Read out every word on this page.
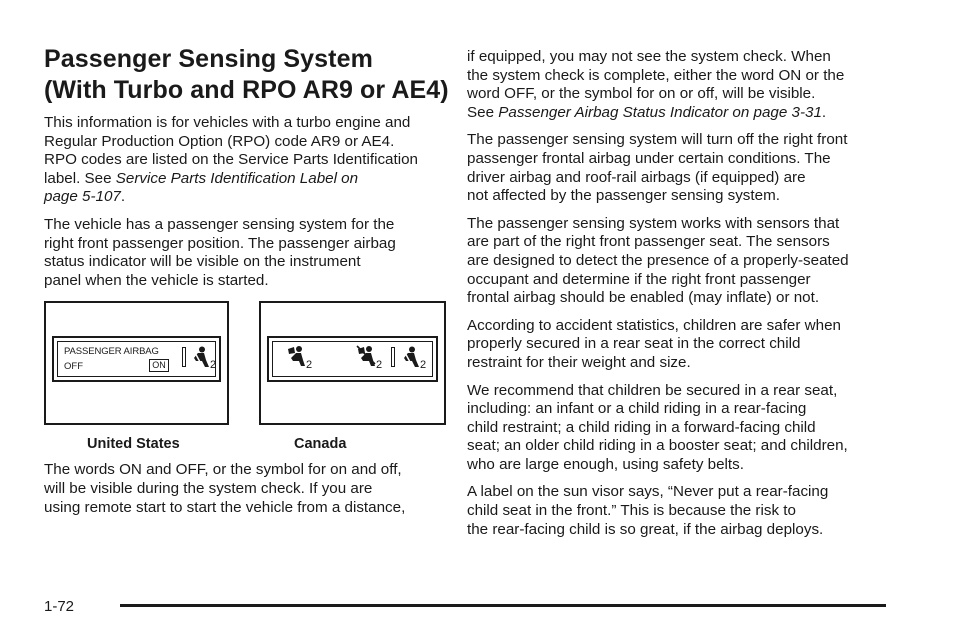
Passenger Sensing System
(With Turbo and RPO AR9 or AE4)

This information is for vehicles with a turbo engine and
Regular Production Option (RPO) code AR9 or AE4.
RPO codes are listed on the Service Parts Identification
label. See Service Parts Identification Label on
page 5-107.

The vehicle has a passenger sensing system for the
right front passenger position. The passenger airbag
status indicator will be visible on the instrument
panel when the vehicle is started.

PASSENGER AIRBAG
OFF	ON	2	2	2	2
United States	Canada

The words ON and OFF, or the symbol for on and off,
will be visible during the system check. If you are
using remote start to start the vehicle from a distance,

if equipped, you may not see the system check. When
the system check is complete, either the word ON or the
word OFF, or the symbol for on or off, will be visible.
See Passenger Airbag Status Indicator on page 3-31.

The passenger sensing system will turn off the right front
passenger frontal airbag under certain conditions. The
driver airbag and roof-rail airbags (if equipped) are
not affected by the passenger sensing system.

The passenger sensing system works with sensors that
are part of the right front passenger seat. The sensors
are designed to detect the presence of a properly-seated
occupant and determine if the right front passenger
frontal airbag should be enabled (may inflate) or not.

According to accident statistics, children are safer when
properly secured in a rear seat in the correct child
restraint for their weight and size.

We recommend that children be secured in a rear seat,
including: an infant or a child riding in a rear-facing
child restraint; a child riding in a forward-facing child
seat; an older child riding in a booster seat; and children,
who are large enough, using safety belts.

A label on the sun visor says, “Never put a rear-facing
child seat in the front.” This is because the risk to
the rear-facing child is so great, if the airbag deploys.

1-72
